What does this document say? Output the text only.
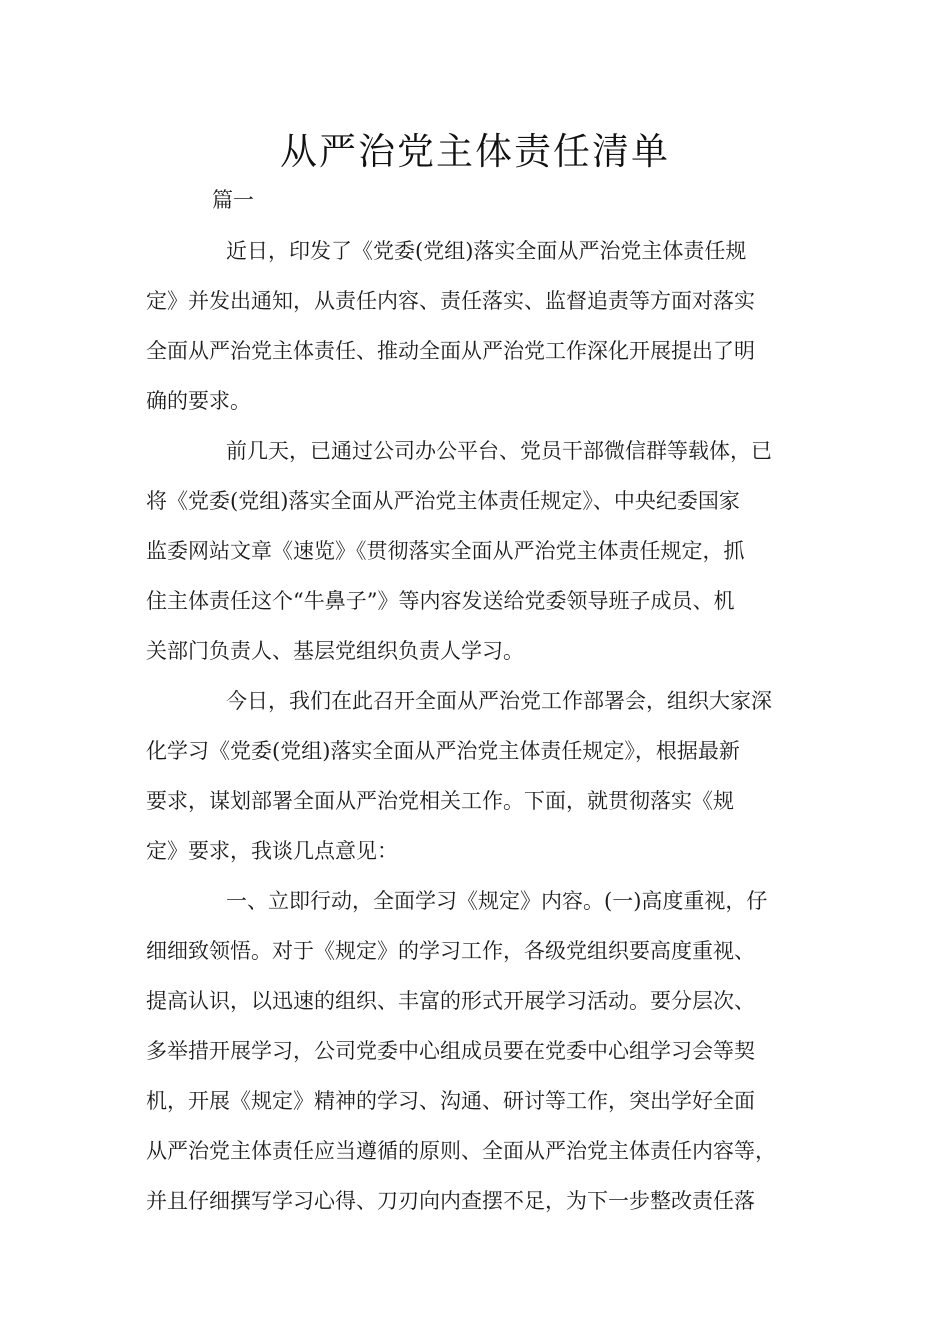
从严治党主体责任清单
篇一
近日，印发了《党委(党组)落实全面从严治党主体责任规
定》并发出通知，从责任内容、责任落实、监督追责等方面对落实
全面从严治党主体责任、推动全面从严治党工作深化开展提出了明
确的要求。
前几天，已通过公司办公平台、党员干部微信群等载体，已
将《党委(党组)落实全面从严治党主体责任规定》、中央纪委国家
监委网站文章《速览》《贯彻落实全面从严治党主体责任规定，抓
住主体责任这个“牛鼻子”》等内容发送给党委领导班子成员、机
关部门负责人、基层党组织负责人学习。
今日，我们在此召开全面从严治党工作部署会，组织大家深
化学习《党委(党组)落实全面从严治党主体责任规定》，根据最新
要求，谋划部署全面从严治党相关工作。下面，就贯彻落实《规
定》要求，我谈几点意见：
一、立即行动，全面学习《规定》内容。(一)高度重视，仔
细细致领悟。对于《规定》的学习工作，各级党组织要高度重视、
提高认识，以迅速的组织、丰富的形式开展学习活动。要分层次、
多举措开展学习，公司党委中心组成员要在党委中心组学习会等契
机，开展《规定》精神的学习、沟通、研讨等工作，突出学好全面
从严治党主体责任应当遵循的原则、全面从严治党主体责任内容等，
并且仔细撰写学习心得、刀刃向内查摆不足，为下一步整改责任落
